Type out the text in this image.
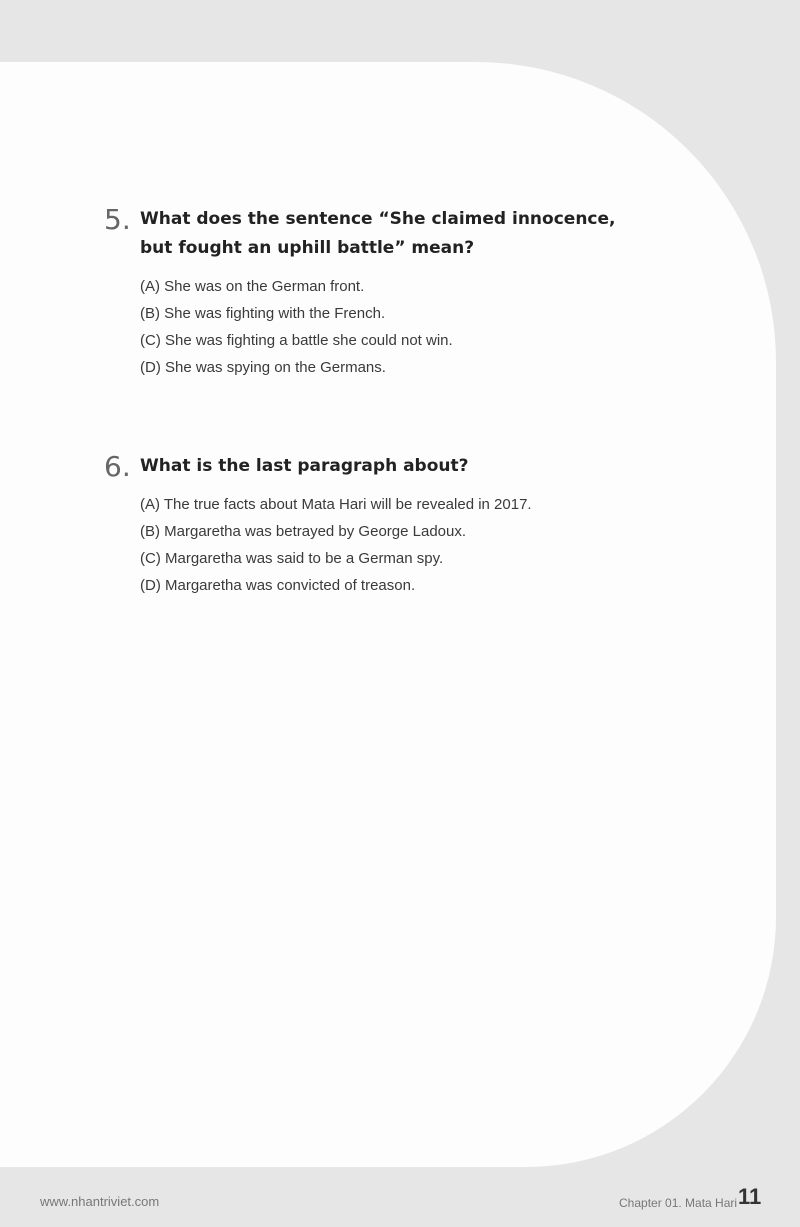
5. What does the sentence “She claimed innocence,
but fought an uphill battle” mean?

(A) She was on the German front.
(B) She was fighting with the French.
(C) She was fighting a battle she could not win.
(D) She was spying on the Germans.
6. What is the last paragraph about?

(A) The true facts about Mata Hari will be revealed in 2017.
(B) Margaretha was betrayed by George Ladoux.
(C) Margaretha was said to be a German spy.
(D) Margaretha was convicted of treason.
www.nhantriviet.com	Chapter 01. Mata Hari 11
